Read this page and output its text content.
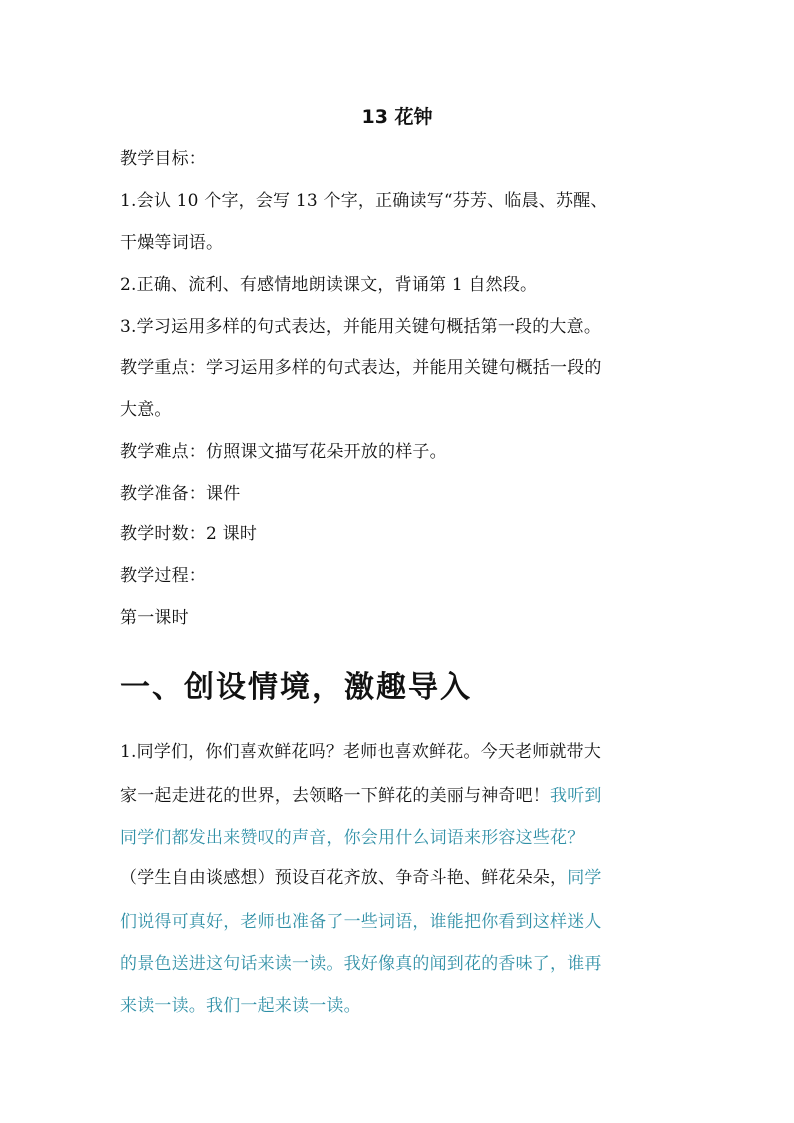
13 花钟
教学目标：
1.会认 10 个字，会写 13 个字，正确读写“芬芳、临晨、苏醒、
干燥等词语。
2.正确、流利、有感情地朗读课文，背诵第 1 自然段。
3.学习运用多样的句式表达，并能用关键句概括第一段的大意。
教学重点：学习运用多样的句式表达，并能用关键句概括一段的
大意。
教学难点：仿照课文描写花朵开放的样子。
教学准备：课件
教学时数：2 课时
教学过程：
第一课时
一、创设情境，激趣导入
1.同学们，你们喜欢鲜花吗？老师也喜欢鲜花。今天老师就带大
家一起走进花的世界，去领略一下鲜花的美丽与神奇吧！我听到
同学们都发出来赞叹的声音，你会用什么词语来形容这些花？
（学生自由谈感想）预设百花齐放、争奇斗艳、鲜花朵朵，同学
们说得可真好，老师也准备了一些词语，谁能把你看到这样迷人
的景色送进这句话来读一读。我好像真的闻到花的香味了，谁再
来读一读。我们一起来读一读。
